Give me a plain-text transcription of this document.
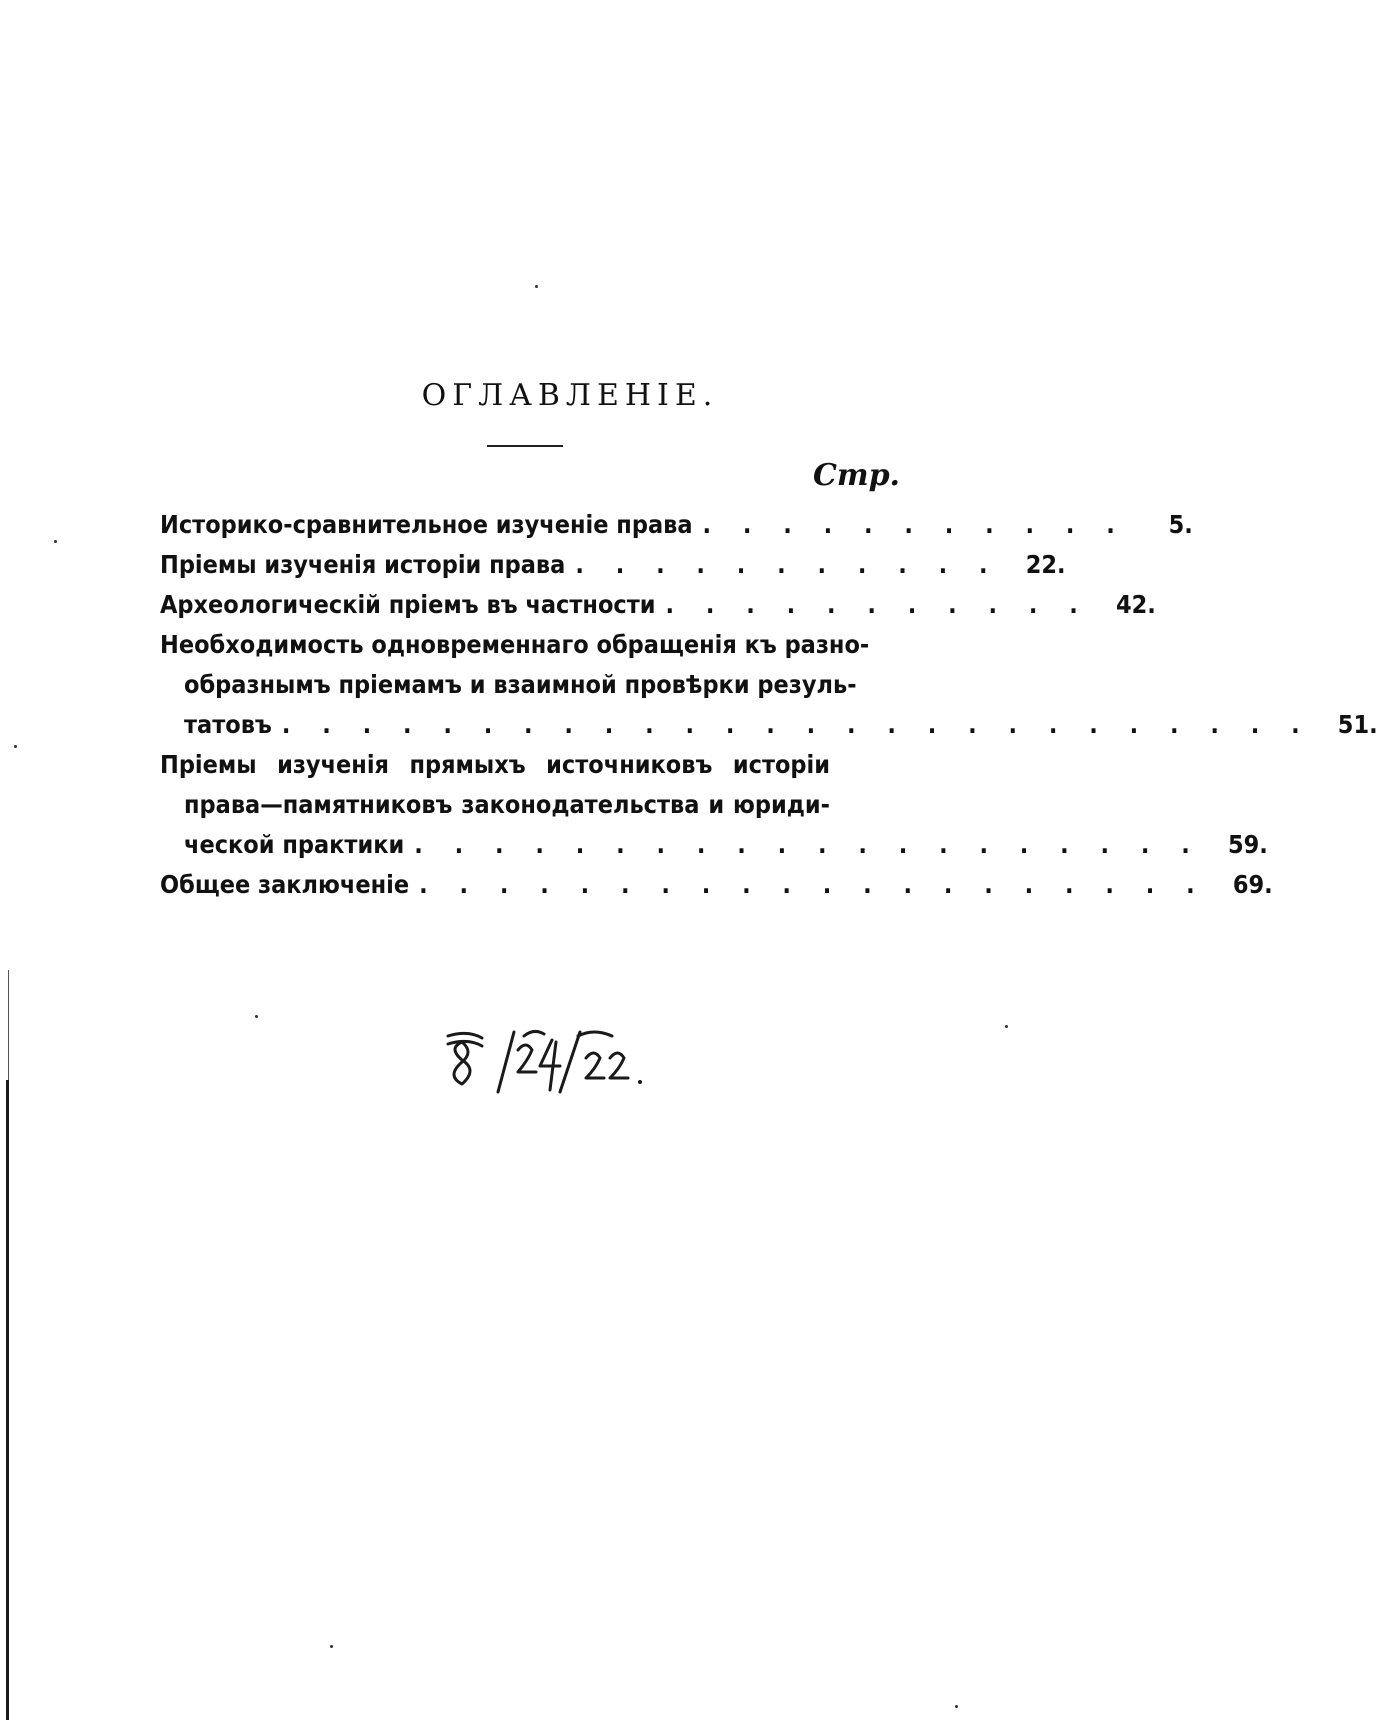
ОГЛАВЛЕНІЕ.
Стр.
Историко-сравнительное изученіе права . . . . . . . . . . .	5.
Пріемы изученія исторіи права . . . . . . . . . . .	22.
Археологическій пріемъ въ частности . . . . . . . . . . .	42.
Необходимость одновременнаго обращенія къ разно-
образнымъ пріемамъ и взаимной провѣрки резуль-
татовъ . . . . . . . . . . . . . . . . . . . . . . . . . .	51.
Пріемы изученія прямыхъ источниковъ исторіи
права—памятниковъ законодательства и юриди-
ческой практики . . . . . . . . . . . . . . . . . . . .	59.
Общее заключеніе . . . . . . . . . . . . . . . . . . . .	69.
